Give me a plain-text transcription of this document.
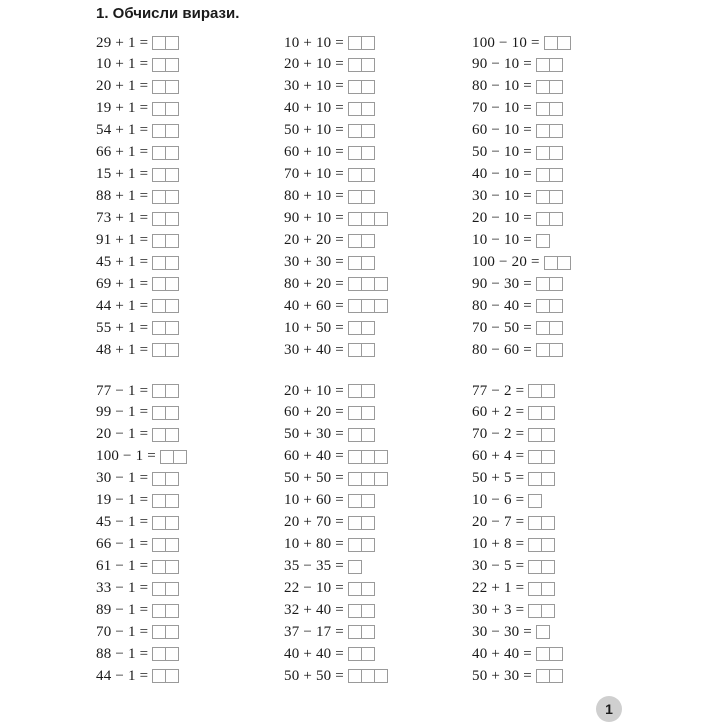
1. Обчисли вирази.
29 + 1 =
10 + 1 =
20 + 1 =
19 + 1 =
54 + 1 =
66 + 1 =
15 + 1 =
88 + 1 =
73 + 1 =
91 + 1 =
45 + 1 =
69 + 1 =
44 + 1 =
55 + 1 =
48 + 1 =
10 + 10 =
20 + 10 =
30 + 10 =
40 + 10 =
50 + 10 =
60 + 10 =
70 + 10 =
80 + 10 =
90 + 10 =
20 + 20 =
30 + 30 =
80 + 20 =
40 + 60 =
10 + 50 =
30 + 40 =
100 − 10 =
90 − 10 =
80 − 10 =
70 − 10 =
60 − 10 =
50 − 10 =
40 − 10 =
30 − 10 =
20 − 10 =
10 − 10 =
100 − 20 =
90 − 30 =
80 − 40 =
70 − 50 =
80 − 60 =
77 − 1 =
99 − 1 =
20 − 1 =
100 − 1 =
30 − 1 =
19 − 1 =
45 − 1 =
66 − 1 =
61 − 1 =
33 − 1 =
89 − 1 =
70 − 1 =
88 − 1 =
44 − 1 =
20 + 10 =
60 + 20 =
50 + 30 =
60 + 40 =
50 + 50 =
10 + 60 =
20 + 70 =
10 + 80 =
35 − 35 =
22 − 10 =
32 + 40 =
37 − 17 =
40 + 40 =
50 + 50 =
77 − 2 =
60 + 2 =
70 − 2 =
60 + 4 =
50 + 5 =
10 − 6 =
20 − 7 =
10 + 8 =
30 − 5 =
22 + 1 =
30 + 3 =
30 − 30 =
40 + 40 =
50 + 30 =
1
